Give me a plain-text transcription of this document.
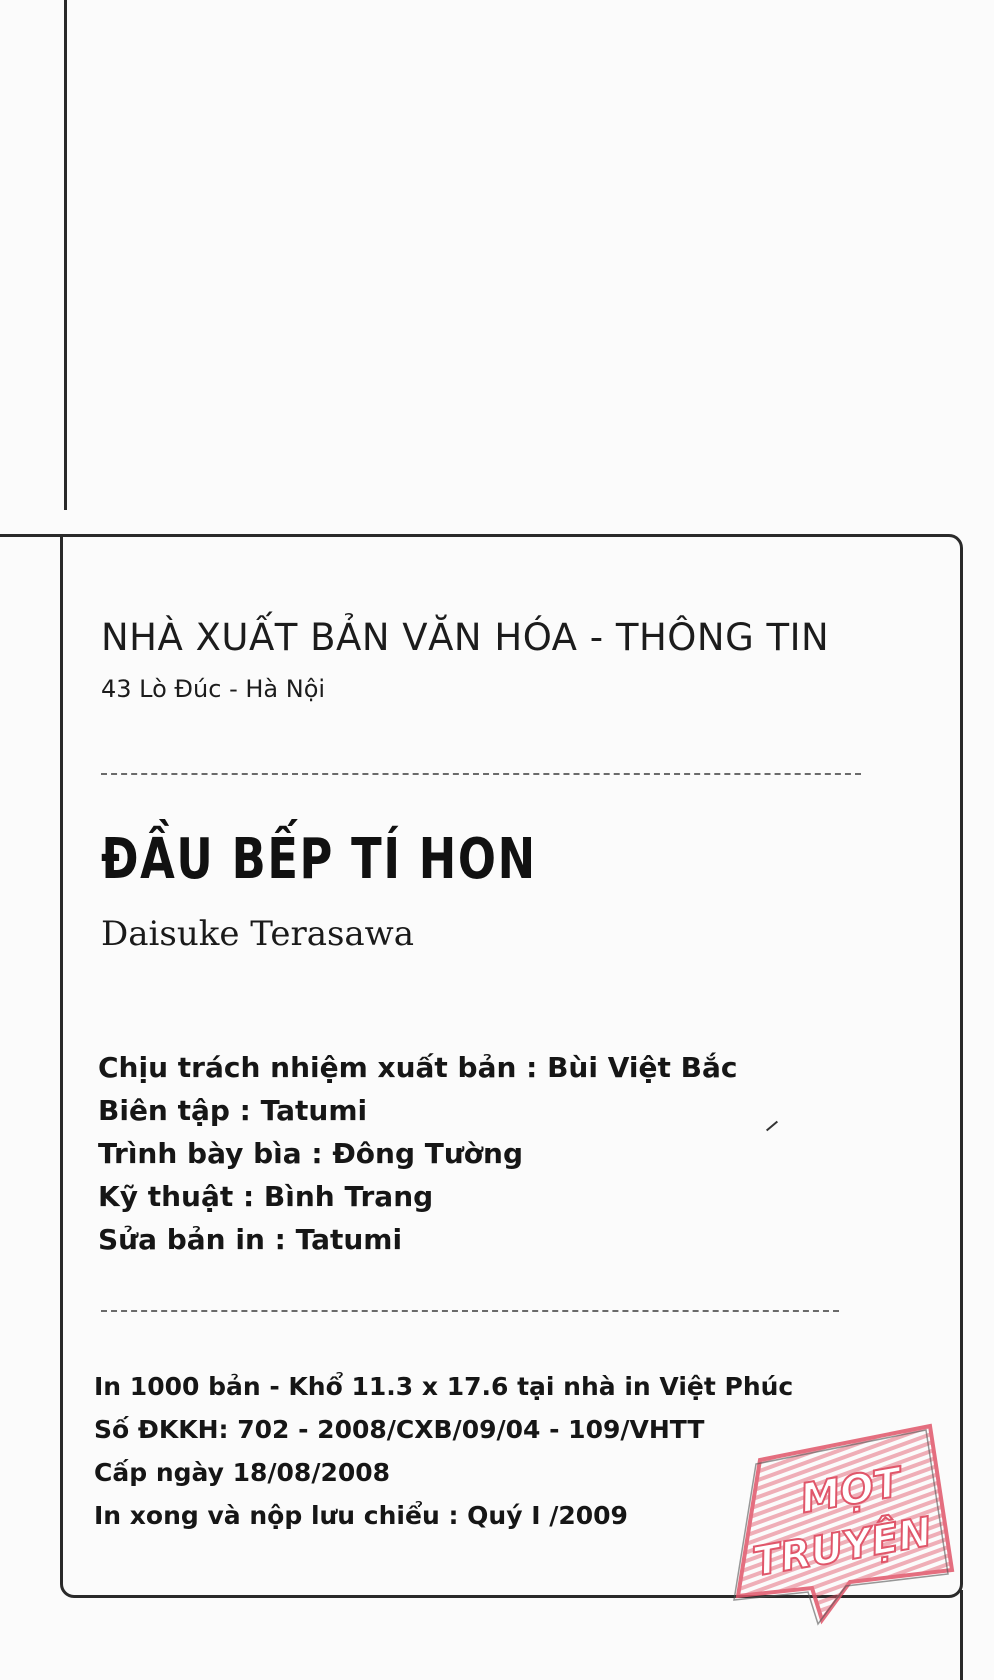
NHÀ XUẤT BẢN VĂN HÓA - THÔNG TIN
43 Lò Đúc - Hà Nội
ĐẦU BẾP TÍ HON
Daisuke Terasawa
Chịu trách nhiệm xuất bản : Bùi Việt Bắc
Biên tập : Tatumi
Trình bày bìa : Đông Tường
Kỹ thuật : Bình Trang
Sửa bản in : Tatumi
In 1000 bản - Khổ 11.3 x 17.6 tại nhà in Việt Phúc
Số ĐKKH: 702 - 2008/CXB/09/04 - 109/VHTT
Cấp ngày 18/08/2008
In xong và nộp lưu chiểu : Quý I /2009	MỌT
TRUYỆN
